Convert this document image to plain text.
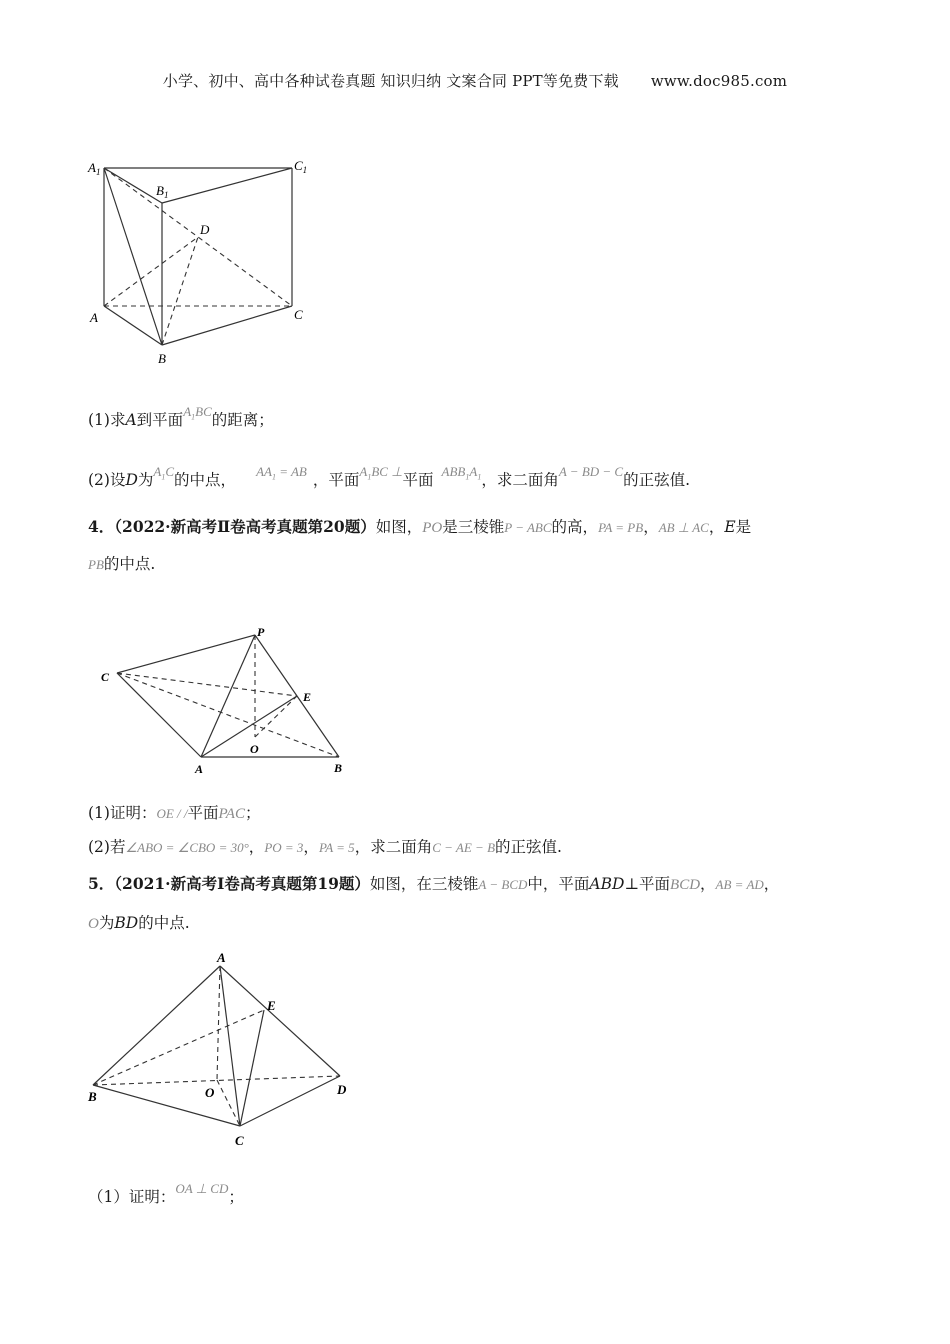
小学、初中、高中各种试卷真题 知识归纳 文案合同 PPT等免费下载 www.doc985.com
$A_1$
$B_1$
$C_1$
D
A
B
C
(1)求A到平面$^{A_1BC}$的距离；
(2)设D为$^{A_1C}$的中点， $^{AA_1 = AB}$ ，平面$^{A_1BC \perp}$平面 $^{ABB_1A_1}$，求二面角$^{A - BD - C}$的正弦值.
4．（2022·新高考Ⅱ卷高考真题第20题）如图，PO是三棱锥P − ABC的高，PA = PB，AB ⊥ AC，E是
PB的中点.
P
C
E
O
A	B
(1)证明：OE / /平面PAC；
(2)若∠ABO = ∠CBO = 30°，PO = 3，PA = 5，求二面角C − AE − B的正弦值.
5．（2021·新高考Ⅰ卷高考真题第19题）如图，在三棱锥A − BCD中，平面ABD⊥平面BCD，AB = AD，
O为BD的中点.
A
E
B	O	D
C
（1）证明：$^{OA \perp CD}$；
